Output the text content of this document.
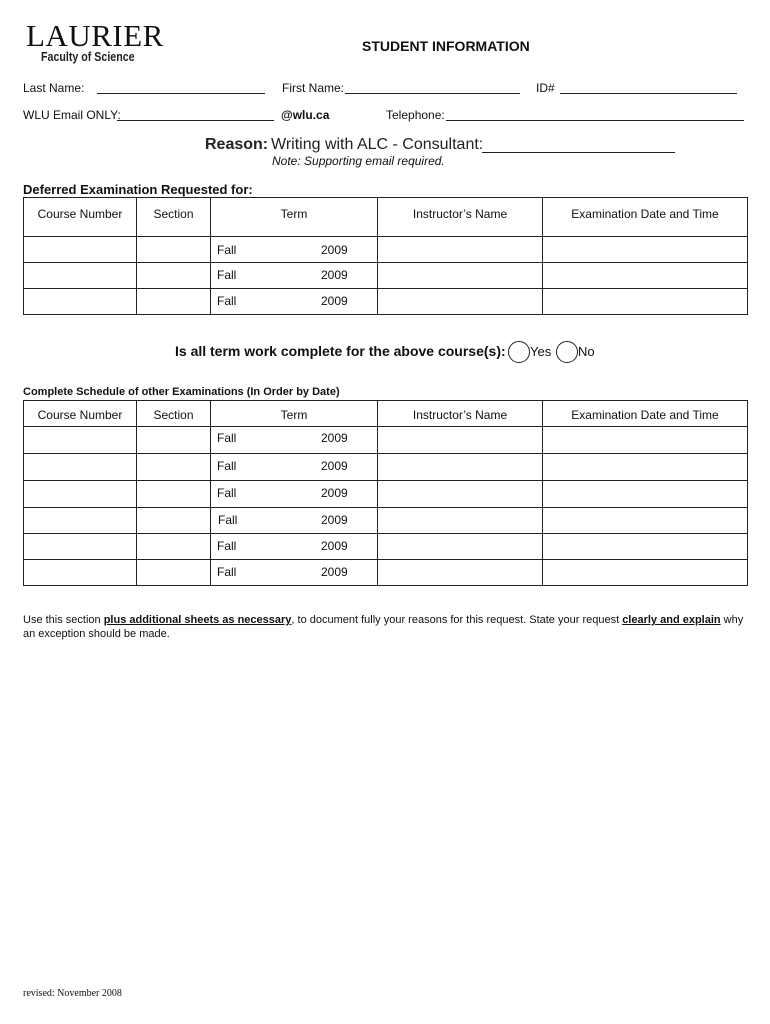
LAURIER
Faculty of Science
STUDENT INFORMATION
Last Name:	First Name:	ID#
WLU Email ONLY:	@wlu.ca	Telephone:
Reason: Writing with ALC - Consultant:
Note: Supporting email required.
Deferred Examination Requested for:
Course Number	Section	Term	Instructor’s Name	Examination Date and Time

		Fall 2009		

		Fall 2009		

		Fall 2009		

Is all term work complete for the above course(s): Yes No
Complete Schedule of other Examinations (In Order by Date)
Course Number	Section	Term	Instructor’s Name	Examination Date and Time

		Fall 2009		

		Fall 2009		

		Fall 2009		

		Fall 2009		

		Fall 2009		

		Fall 2009		

Use this section plus additional sheets as necessary, to document fully your reasons for this request. State your request clearly and explain why an exception should be made.
revised: November 2008
